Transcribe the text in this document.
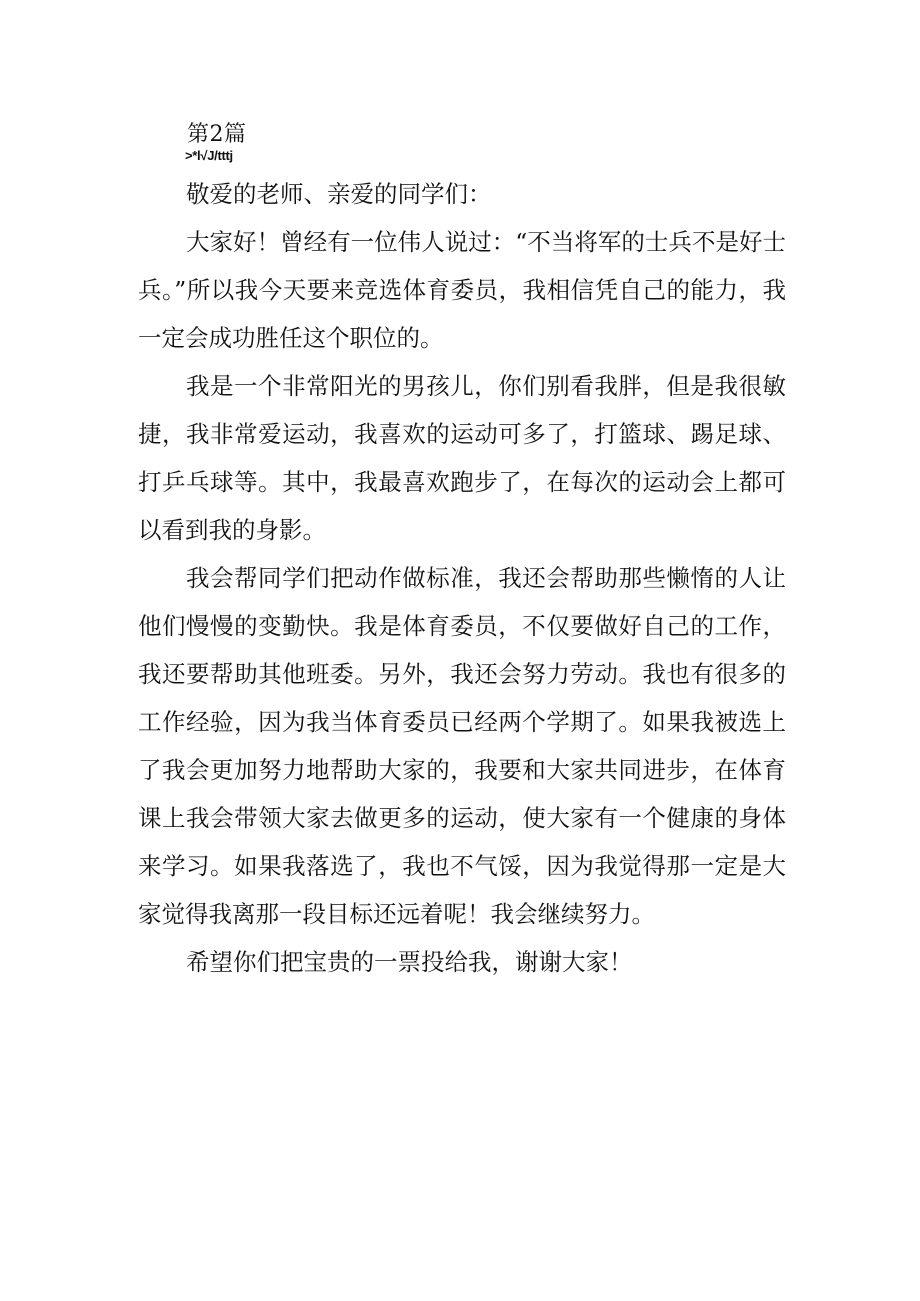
第2篇
>*l√J/tttj

敬爱的老师、亲爱的同学们：

大家好！曾经有一位伟人说过：“不当将军的士兵不是好士兵。”所以我今天要来竞选体育委员，我相信凭自己的能力，我一定会成功胜任这个职位的。

我是一个非常阳光的男孩儿，你们别看我胖，但是我很敏捷，我非常爱运动，我喜欢的运动可多了，打篮球、踢足球、打乒乓球等。其中，我最喜欢跑步了，在每次的运动会上都可以看到我的身影。

我会帮同学们把动作做标准，我还会帮助那些懒惰的人让他们慢慢的变勤快。我是体育委员，不仅要做好自己的工作，我还要帮助其他班委。另外，我还会努力劳动。我也有很多的工作经验，因为我当体育委员已经两个学期了。如果我被选上了我会更加努力地帮助大家的，我要和大家共同进步，在体育课上我会带领大家去做更多的运动，使大家有一个健康的身体来学习。如果我落选了，我也不气馁，因为我觉得那一定是大家觉得我离那一段目标还远着呢！我会继续努力。

希望你们把宝贵的一票投给我，谢谢大家！
